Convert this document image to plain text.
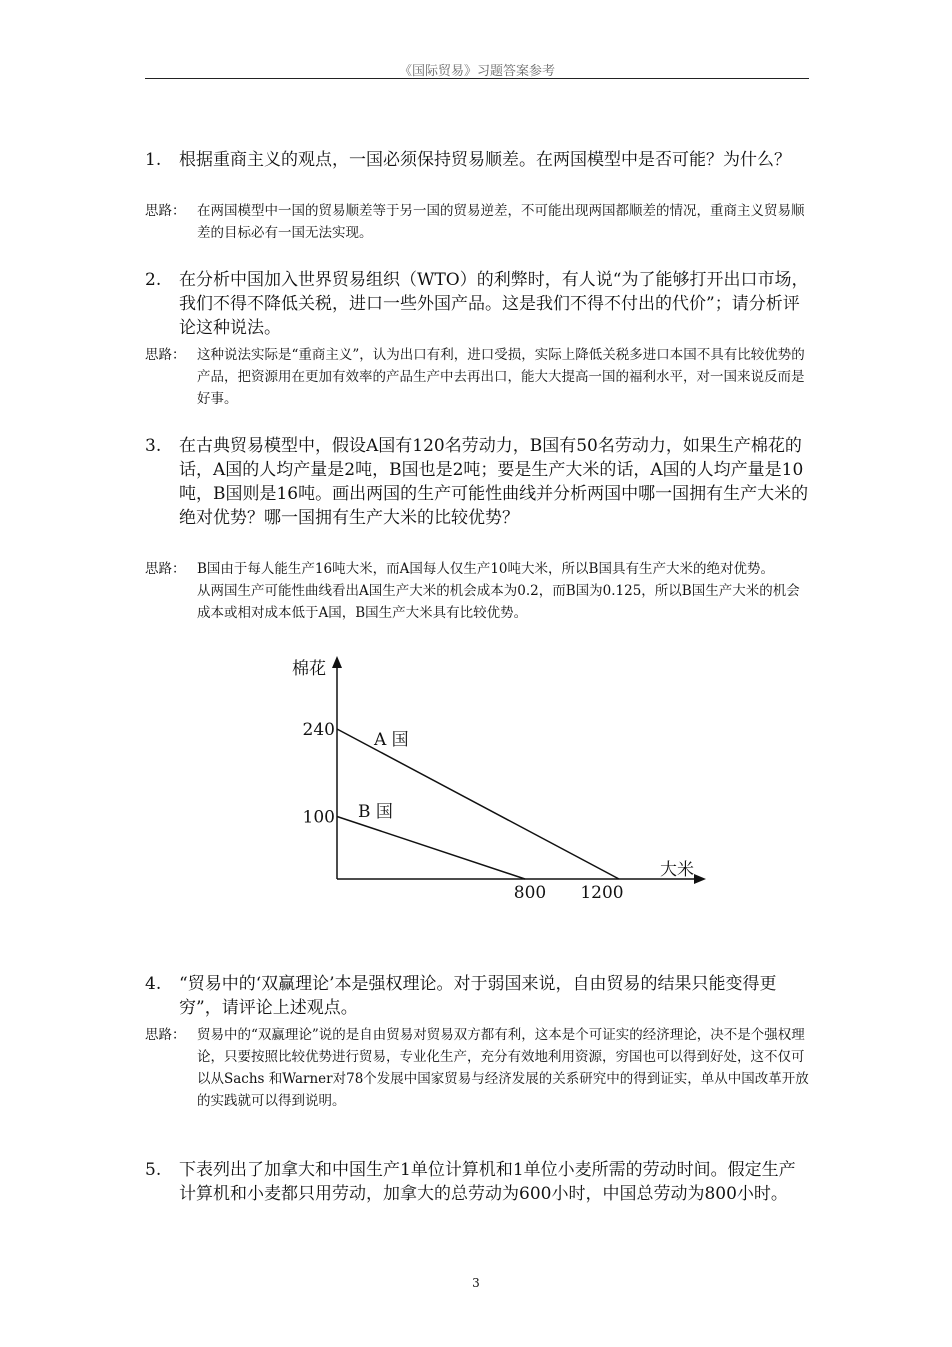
《国际贸易》习题答案参考
1.	根据重商主义的观点，一国必须保持贸易顺差。在两国模型中是否可能？为什么？
思路： 在两国模型中一国的贸易顺差等于另一国的贸易逆差，不可能出现两国都顺差的情况，重商主义贸易顺差的目标必有一国无法实现。
2.	在分析中国加入世界贸易组织（WTO）的利弊时，有人说“为了能够打开出口市场，我们不得不降低关税，进口一些外国产品。这是我们不得不付出的代价”；请分析评论这种说法。
思路： 这种说法实际是“重商主义”，认为出口有利，进口受损，实际上降低关税多进口本国不具有比较优势的产品，把资源用在更加有效率的产品生产中去再出口，能大大提高一国的福利水平，对一国来说反而是好事。
3.	在古典贸易模型中，假设A国有120名劳动力，B国有50名劳动力，如果生产棉花的话，A国的人均产量是2吨，B国也是2吨；要是生产大米的话，A国的人均产量是10吨，B国则是16吨。画出两国的生产可能性曲线并分析两国中哪一国拥有生产大米的绝对优势？哪一国拥有生产大米的比较优势？
思路： B国由于每人能生产16吨大米，而A国每人仅生产10吨大米，所以B国具有生产大米的绝对优势。
从两国生产可能性曲线看出A国生产大米的机会成本为0.2，而B国为0.125，所以B国生产大米的机会成本或相对成本低于A国，B国生产大米具有比较优势。
棉花
大米
A 国
B 国
240
100
800 1200
4.	“贸易中的‘双赢理论’本是强权理论。对于弱国来说，自由贸易的结果只能变得更穷”，请评论上述观点。
思路： 贸易中的“双赢理论”说的是自由贸易对贸易双方都有利，这本是个可证实的经济理论，决不是个强权理论，只要按照比较优势进行贸易，专业化生产，充分有效地利用资源，穷国也可以得到好处，这不仅可以从Sachs 和Warner对78个发展中国家贸易与经济发展的关系研究中的得到证实，单从中国改革开放的实践就可以得到说明。
5.	下表列出了加拿大和中国生产1单位计算机和1单位小麦所需的劳动时间。假定生产计算机和小麦都只用劳动，加拿大的总劳动为600小时，中国总劳动为800小时。
3
